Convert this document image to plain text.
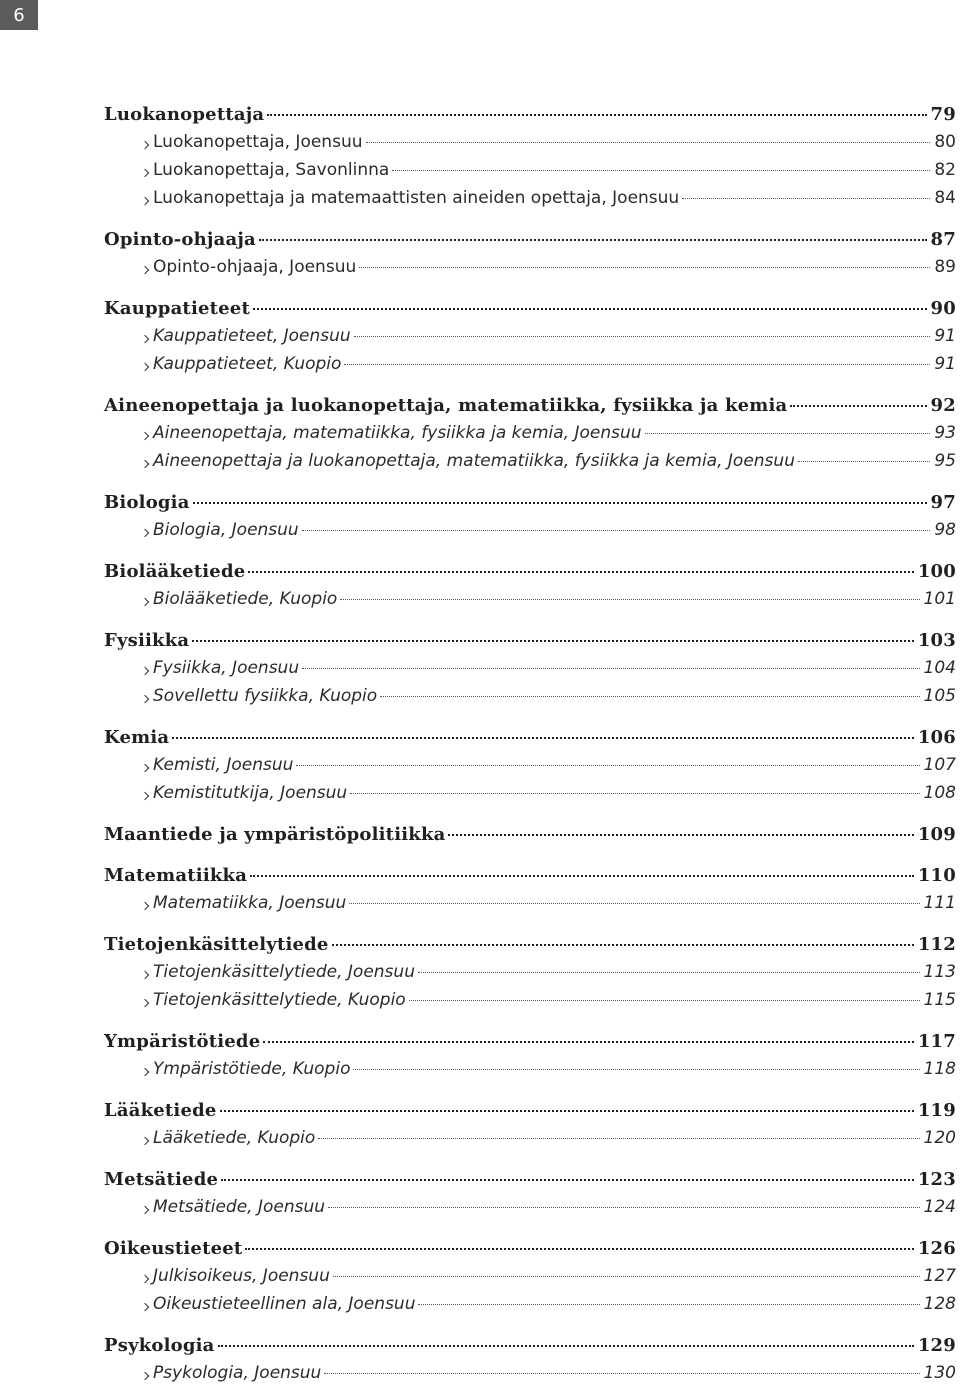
6
Luokanopettaja	79
Luokanopettaja, Joensuu	80
Luokanopettaja, Savonlinna	82
Luokanopettaja ja matemaattisten aineiden opettaja, Joensuu	84
Opinto-ohjaaja	87
Opinto-ohjaaja, Joensuu	89
Kauppatieteet	90
Kauppatieteet, Joensuu	91
Kauppatieteet, Kuopio	91
Aineenopettaja ja luokanopettaja, matematiikka, fysiikka ja kemia	92
Aineenopettaja, matematiikka, fysiikka ja kemia, Joensuu	93
Aineenopettaja ja luokanopettaja, matematiikka, fysiikka ja kemia, Joensuu	95
Biologia	97
Biologia, Joensuu	98
Biolääketiede	100
Biolääketiede, Kuopio	101
Fysiikka	103
Fysiikka, Joensuu	104
Sovellettu fysiikka, Kuopio	105
Kemia	106
Kemisti, Joensuu	107
Kemistitutkija, Joensuu	108
Maantiede ja ympäristöpolitiikka	109
Matematiikka	110
Matematiikka, Joensuu	111
Tietojenkäsittelytiede	112
Tietojenkäsittelytiede, Joensuu	113
Tietojenkäsittelytiede, Kuopio	115
Ympäristötiede	117
Ympäristötiede, Kuopio	118
Lääketiede	119
Lääketiede, Kuopio	120
Metsätiede	123
Metsätiede, Joensuu	124
Oikeustieteet	126
Julkisoikeus, Joensuu	127
Oikeustieteellinen ala, Joensuu	128
Psykologia	129
Psykologia, Joensuu	130
